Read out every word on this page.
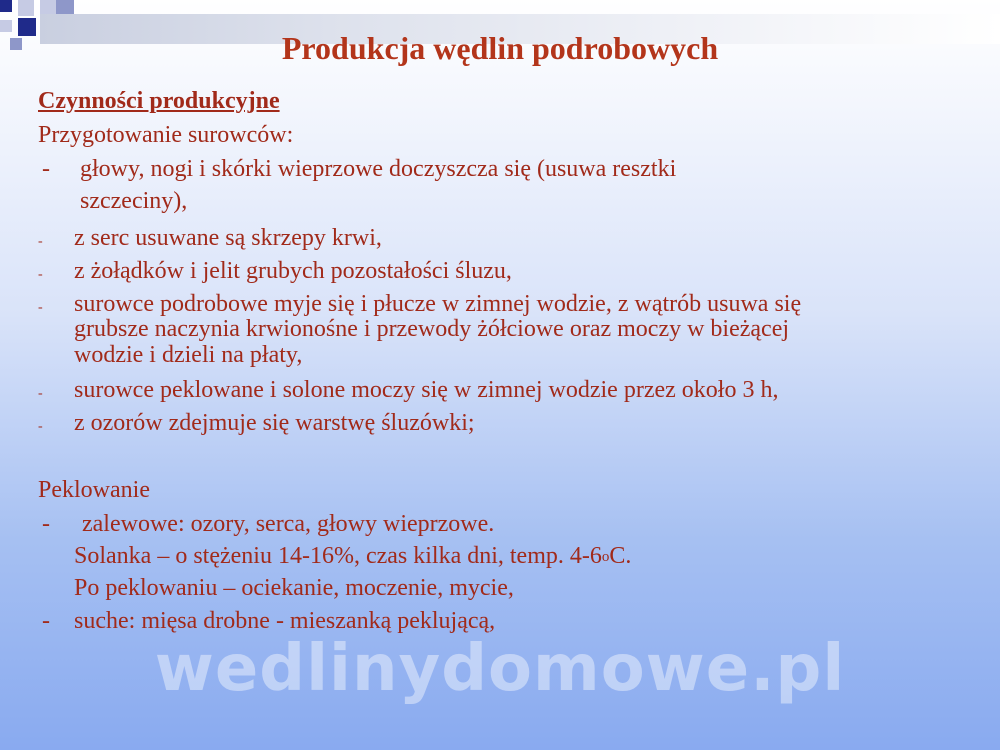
Produkcja wędlin podrobowych
Czynności produkcyjne
Przygotowanie surowców:
- głowy, nogi i skórki wieprzowe doczyszcza się (usuwa resztki
szczeciny),
- z serc usuwane są skrzepy krwi,
- z żołądków i jelit grubych pozostałości śluzu,
- surowce podrobowe myje się i płucze w zimnej wodzie, z wątrób usuwa się
grubsze naczynia krwionośne i przewody żółciowe oraz moczy w bieżącej
wodzie i dzieli na płaty,
- surowce peklowane i solone moczy się w zimnej wodzie przez około 3 h,
- z ozorów zdejmuje się warstwę śluzówki;
Peklowanie
- zalewowe: ozory, serca, głowy wieprzowe.
Solanka – o stężeniu 14-16%, czas kilka dni, temp. 4-6$^o$C.
Po peklowaniu – ociekanie, moczenie, mycie,
- suche: mięsa drobne - mieszanką peklującą,
wedlinydomowe.pl
